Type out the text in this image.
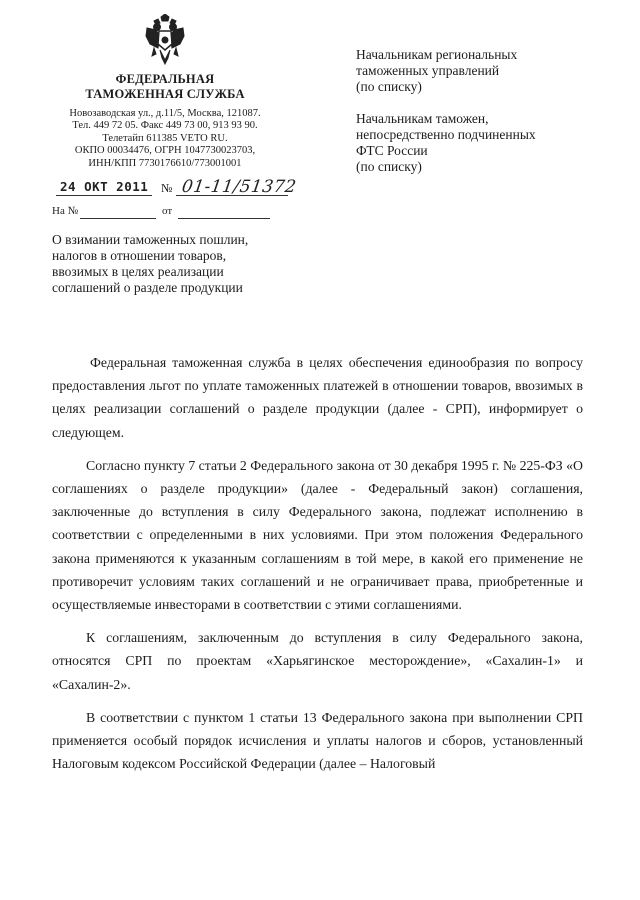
ФЕДЕРАЛЬНАЯ
ТАМОЖЕННАЯ СЛУЖБА
Новозаводская ул., д.11/5, Москва, 121087.
Тел. 449 72 05. Факс 449 73 00, 913 93 90.
Телетайп 611385 VETO RU.
ОКПО 00034476, ОГРН 1047730023703,
ИНН/КПП 7730176610/773001001
24 ОКТ 2011 № 01-11/51372
На №	от

Начальникам региональных
таможенных управлений
(по списку)

Начальникам таможен,
непосредственно подчиненных
ФТС России
(по списку)

О взимании таможенных пошлин,
налогов в отношении товаров,
ввозимых в целях реализации
соглашений о разделе продукции

Федеральная таможенная служба в целях обеспечения единообразия по вопросу предоставления льгот по уплате таможенных платежей в отношении товаров, ввозимых в целях реализации соглашений о разделе продукции (далее - СРП), информирует о следующем.

Согласно пункту 7 статьи 2 Федерального закона от 30 декабря 1995 г. № 225-ФЗ «О соглашениях о разделе продукции» (далее - Федеральный закон) соглашения, заключенные до вступления в силу Федерального закона, подлежат исполнению в соответствии с определенными в них условиями. При этом положения Федерального закона применяются к указанным соглашениям в той мере, в какой его применение не противоречит условиям таких соглашений и не ограничивает права, приобретенные и осуществляемые инвесторами в соответствии с этими соглашениями.

К соглашениям, заключенным до вступления в силу Федерального закона, относятся СРП по проектам «Харьягинское месторождение», «Сахалин-1» и «Сахалин-2».

В соответствии с пунктом 1 статьи 13 Федерального закона при выполнении СРП применяется особый порядок исчисления и уплаты налогов и сборов, установленный Налоговым кодексом Российской Федерации (далее – Налоговый
